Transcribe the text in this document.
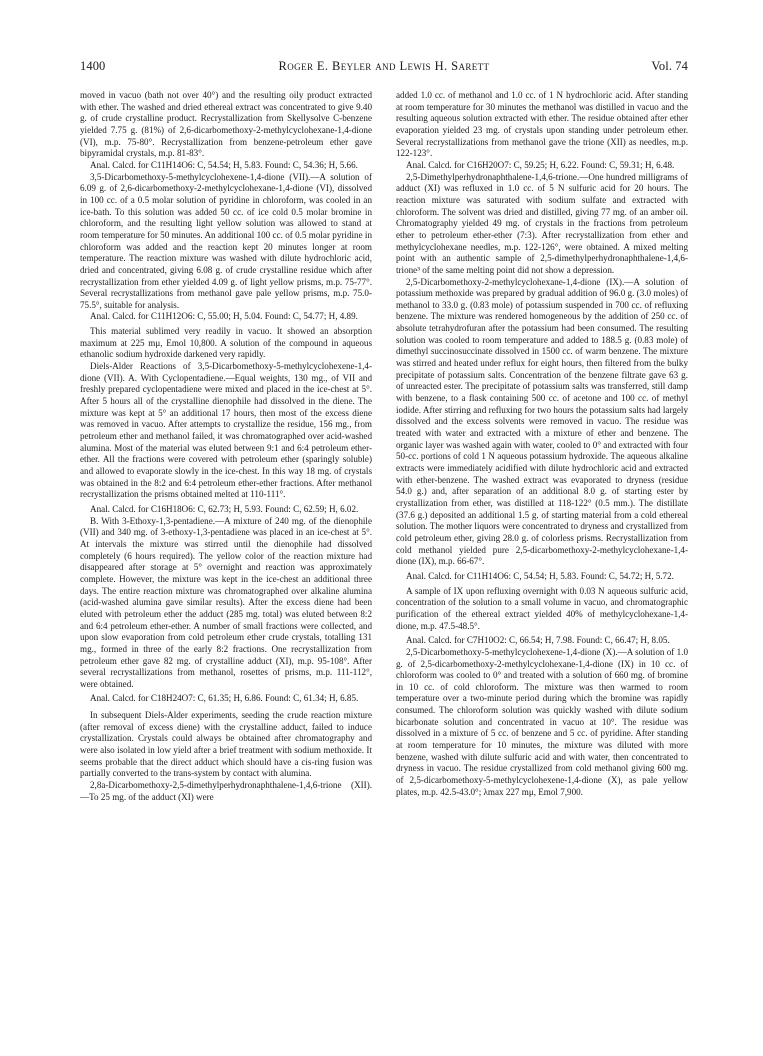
1400	Roger E. Beyler and Lewis H. Sarett	Vol. 74

moved in vacuo (bath not over 40°) and the resulting oily product extracted with ether. The washed and dried ethereal extract was concentrated to give 9.40 g. of crude crystalline product. Recrystallization from Skellysolve C-benzene yielded 7.75 g. (81%) of 2,6-dicarbomethoxy-2-methylcyclohexane-1,4-dione (VI), m.p. 75-80°. Recrystallization from benzene-petroleum ether gave bipyramidal crystals, m.p. 81-83°.

Anal. Calcd. for C11H14O6: C, 54.54; H, 5.83. Found: C, 54.36; H, 5.66.

3,5-Dicarbomethoxy-5-methylcyclohexene-1,4-dione (VII).—A solution of 6.09 g. of 2,6-dicarbomethoxy-2-methylcyclohexane-1,4-dione (VI), dissolved in 100 cc. of a 0.5 molar solution of pyridine in chloroform, was cooled in an ice-bath. To this solution was added 50 cc. of ice cold 0.5 molar bromine in chloroform, and the resulting light yellow solution was allowed to stand at room temperature for 50 minutes. An additional 100 cc. of 0.5 molar pyridine in chloroform was added and the reaction kept 20 minutes longer at room temperature. The reaction mixture was washed with dilute hydrochloric acid, dried and concentrated, giving 6.08 g. of crude crystalline residue which after recrystallization from ether yielded 4.09 g. of light yellow prisms, m.p. 75-77°. Several recrystallizations from methanol gave pale yellow prisms, m.p. 75.0-75.5°, suitable for analysis.

Anal. Calcd. for C11H12O6: C, 55.00; H, 5.04. Found: C, 54.77; H, 4.89.

This material sublimed very readily in vacuo. It showed an absorption maximum at 225 mμ, Emol 10,800. A solution of the compound in aqueous ethanolic sodium hydroxide darkened very rapidly.

Diels-Alder Reactions of 3,5-Dicarbomethoxy-5-methylcyclohexene-1,4-dione (VII). A. With Cyclopentadiene.—Equal weights, 130 mg., of VII and freshly prepared cyclopentadiene were mixed and placed in the ice-chest at 5°. After 5 hours all of the crystalline dienophile had dissolved in the diene. The mixture was kept at 5° an additional 17 hours, then most of the excess diene was removed in vacuo. After attempts to crystallize the residue, 156 mg., from petroleum ether and methanol failed, it was chromatographed over acid-washed alumina. Most of the material was eluted between 9:1 and 6:4 petroleum ether-ether. All the fractions were covered with petroleum ether (sparingly soluble) and allowed to evaporate slowly in the ice-chest. In this way 18 mg. of crystals was obtained in the 8:2 and 6:4 petroleum ether-ether fractions. After methanol recrystallization the prisms obtained melted at 110-111°.

Anal. Calcd. for C16H18O6: C, 62.73; H, 5.93. Found: C, 62.59; H, 6.02.

B. With 3-Ethoxy-1,3-pentadiene.—A mixture of 240 mg. of the dienophile (VII) and 340 mg. of 3-ethoxy-1,3-pentadiene was placed in an ice-chest at 5°. At intervals the mixture was stirred until the dienophile had dissolved completely (6 hours required). The yellow color of the reaction mixture had disappeared after storage at 5° overnight and reaction was approximately complete. However, the mixture was kept in the ice-chest an additional three days. The entire reaction mixture was chromatographed over alkaline alumina (acid-washed alumina gave similar results). After the excess diene had been eluted with petroleum ether the adduct (285 mg. total) was eluted between 8:2 and 6:4 petroleum ether-ether. A number of small fractions were collected, and upon slow evaporation from cold petroleum ether crude crystals, totalling 131 mg., formed in three of the early 8:2 fractions. One recrystallization from petroleum ether gave 82 mg. of crystalline adduct (XI), m.p. 95-108°. After several recrystallizations from methanol, rosettes of prisms, m.p. 111-112°, were obtained.

Anal. Calcd. for C18H24O7: C, 61.35; H, 6.86. Found: C, 61.34; H, 6.85.

In subsequent Diels-Alder experiments, seeding the crude reaction mixture (after removal of excess diene) with the crystalline adduct, failed to induce crystallization. Crystals could always be obtained after chromatography and were also isolated in low yield after a brief treatment with sodium methoxide. It seems probable that the direct adduct which should have a cis-ring fusion was partially converted to the trans-system by contact with alumina.

2,8a-Dicarbomethoxy-2,5-dimethylperhydronaphthalene-1,4,6-trione (XII).—To 25 mg. of the adduct (XI) were

added 1.0 cc. of methanol and 1.0 cc. of 1 N hydrochloric acid. After standing at room temperature for 30 minutes the methanol was distilled in vacuo and the resulting aqueous solution extracted with ether. The residue obtained after ether evaporation yielded 23 mg. of crystals upon standing under petroleum ether. Several recrystallizations from methanol gave the trione (XII) as needles, m.p. 122-123°.

Anal. Calcd. for C16H20O7: C, 59.25; H, 6.22. Found: C, 59.31; H, 6.48.

2,5-Dimethylperhydronaphthalene-1,4,6-trione.—One hundred milligrams of adduct (XI) was refluxed in 1.0 cc. of 5 N sulfuric acid for 20 hours. The reaction mixture was saturated with sodium sulfate and extracted with chloroform. The solvent was dried and distilled, giving 77 mg. of an amber oil. Chromatography yielded 49 mg. of crystals in the fractions from petroleum ether to petroleum ether-ether (7:3). After recrystallization from ether and methylcyclohexane needles, m.p. 122-126°, were obtained. A mixed melting point with an authentic sample of 2,5-dimethylperhydronaphthalene-1,4,6-trione³ of the same melting point did not show a depression.

2,5-Dicarbomethoxy-2-methylcyclohexane-1,4-dione (IX).—A solution of potassium methoxide was prepared by gradual addition of 96.0 g. (3.0 moles) of methanol to 33.0 g. (0.83 mole) of potassium suspended in 700 cc. of refluxing benzene. The mixture was rendered homogeneous by the addition of 250 cc. of absolute tetrahydrofuran after the potassium had been consumed. The resulting solution was cooled to room temperature and added to 188.5 g. (0.83 mole) of dimethyl succinosuccinate dissolved in 1500 cc. of warm benzene. The mixture was stirred and heated under reflux for eight hours, then filtered from the bulky precipitate of potassium salts. Concentration of the benzene filtrate gave 63 g. of unreacted ester. The precipitate of potassium salts was transferred, still damp with benzene, to a flask containing 500 cc. of acetone and 100 cc. of methyl iodide. After stirring and refluxing for two hours the potassium salts had largely dissolved and the excess solvents were removed in vacuo. The residue was treated with water and extracted with a mixture of ether and benzene. The organic layer was washed again with water, cooled to 0° and extracted with four 50-cc. portions of cold 1 N aqueous potassium hydroxide. The aqueous alkaline extracts were immediately acidified with dilute hydrochloric acid and extracted with ether-benzene. The washed extract was evaporated to dryness (residue 54.0 g.) and, after separation of an additional 8.0 g. of starting ester by crystallization from ether, was distilled at 118-122° (0.5 mm.). The distillate (37.6 g.) deposited an additional 1.5 g. of starting material from a cold ethereal solution. The mother liquors were concentrated to dryness and crystallized from cold petroleum ether, giving 28.0 g. of colorless prisms. Recrystallization from cold methanol yielded pure 2,5-dicarbomethoxy-2-methylcyclohexane-1,4-dione (IX), m.p. 66-67°.

Anal. Calcd. for C11H14O6: C, 54.54; H, 5.83. Found: C, 54.72; H, 5.72.

A sample of IX upon refluxing overnight with 0.03 N aqueous sulfuric acid, concentration of the solution to a small volume in vacuo, and chromatographic purification of the ethereal extract yielded 40% of methylcyclohexane-1,4-dione, m.p. 47.5-48.5°.

Anal. Calcd. for C7H10O2: C, 66.54; H, 7.98. Found: C, 66.47; H, 8.05.

2,5-Dicarbomethoxy-5-methylcyclohexene-1,4-dione (X).—A solution of 1.0 g. of 2,5-dicarbomethoxy-2-methylcyclohexane-1,4-dione (IX) in 10 cc. of chloroform was cooled to 0° and treated with a solution of 660 mg. of bromine in 10 cc. of cold chloroform. The mixture was then warmed to room temperature over a two-minute period during which the bromine was rapidly consumed. The chloroform solution was quickly washed with dilute sodium bicarbonate solution and concentrated in vacuo at 10°. The residue was dissolved in a mixture of 5 cc. of benzene and 5 cc. of pyridine. After standing at room temperature for 10 minutes, the mixture was diluted with more benzene, washed with dilute sulfuric acid and with water, then concentrated to dryness in vacuo. The residue crystallized from cold methanol giving 600 mg. of 2,5-dicarbomethoxy-5-methylcyclohexene-1,4-dione (X), as pale yellow plates, m.p. 42.5-43.0°; λmax 227 mμ, Emol 7,900.
